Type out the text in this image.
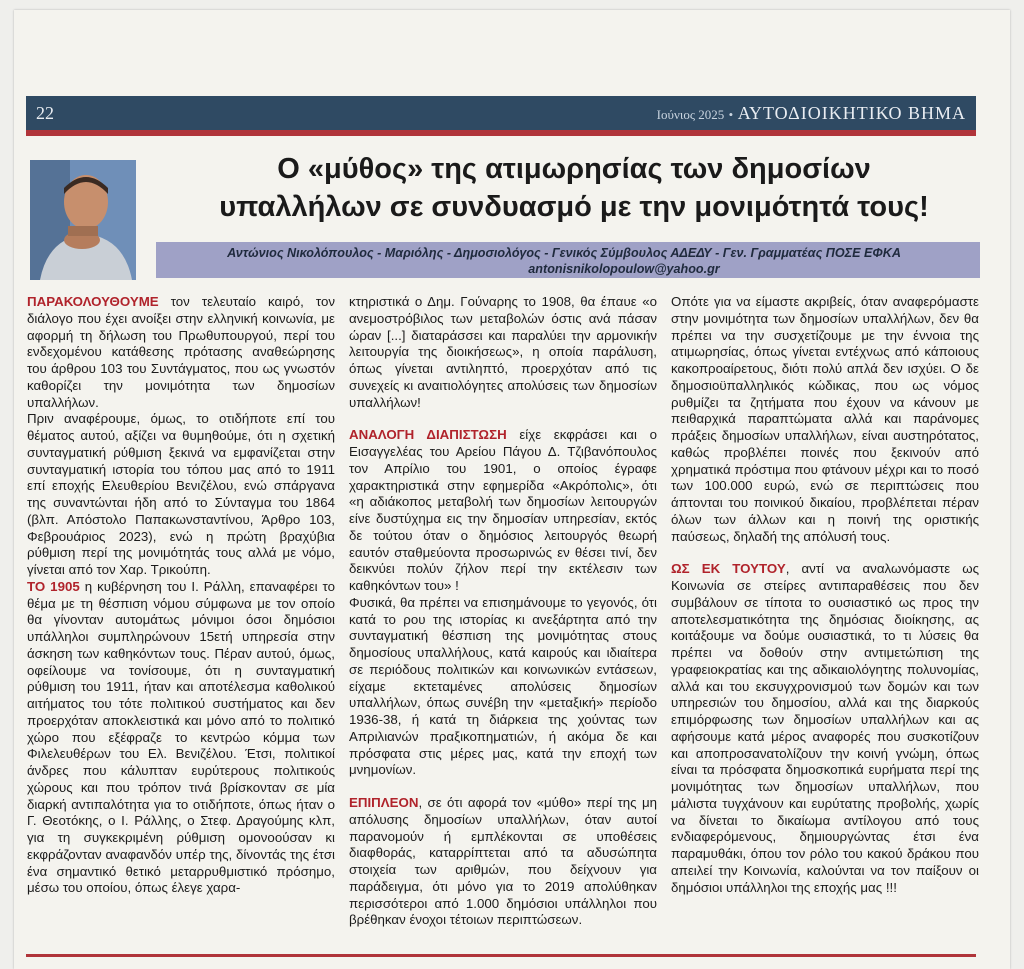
22	Ιούνιος 2025 • ΑΥΤΟΔΙΟΙΚΗΤΙΚΟ ΒΗΜΑ
Ο «μύθος» της ατιμωρησίας των δημοσίων
υπαλλήλων σε συνδυασμό με την μονιμότητά τους!
Αντώνιος Νικολόπουλος - Μαριόλης - Δημοσιολόγος - Γενικός Σύμβουλος ΑΔΕΔΥ - Γεν. Γραμματέας ΠΟΣΕ ΕΦΚΑ
antonisnikolopoulow@yahoo.gr

ΠΑΡΑΚΟΛΟΥΘΟΥΜΕ τον τελευταίο καιρό, τον διάλογο που έχει ανοίξει στην ελληνική κοινωνία, με αφορμή τη δήλωση του Πρωθυπουργού, περί του ενδεχομένου κατάθεσης πρότασης αναθεώρησης του άρθρου 103 του Συντάγματος, που ως γνωστόν καθορίζει την μονιμότητα των δημοσίων υπαλλήλων.

Πριν αναφέρουμε, όμως, το οτιδήποτε επί του θέματος αυτού, αξίζει να θυμηθούμε, ότι η σχετική συνταγματική ρύθμιση ξεκινά να εμφανίζεται στην συνταγματική ιστορία του τόπου μας από το 1911 επί εποχής Ελευθερίου Βενιζέλου, ενώ σπάργανα της συναντώνται ήδη από το Σύνταγμα του 1864 (βλπ. Απόστολο Παπακωνσταντίνου, Άρθρο 103, Φεβρουάριος 2023), ενώ η πρώτη βραχύβια ρύθμιση περί της μονιμότητάς τους αλλά με νόμο, γίνεται από τον Χαρ. Τρικούπη.

ΤΟ 1905 η κυβέρνηση του Ι. Ράλλη, επαναφέρει το θέμα με τη θέσπιση νόμου σύμφωνα με τον οποίο θα γίνονταν αυτομάτως μόνιμοι όσοι δημόσιοι υπάλληλοι συμπληρώνουν 15ετή υπηρεσία στην άσκηση των καθηκόντων τους. Πέραν αυτού, όμως, οφείλουμε να τονίσουμε, ότι η συνταγματική ρύθμιση του 1911, ήταν και αποτέλεσμα καθολικού αιτήματος του τότε πολιτικού συστήματος και δεν προερχόταν αποκλειστικά και μόνο από το πολιτικό χώρο που εξέφραζε το κεντρώο κόμμα των Φιλελευθέρων του Ελ. Βενιζέλου. Έτσι, πολιτικοί άνδρες που κάλυπταν ευρύτερους πολιτικούς χώρους και που τρόπον τινά βρίσκονταν σε μία διαρκή αντιπαλότητα για το οτιδήποτε, όπως ήταν ο Γ. Θεοτόκης, ο Ι. Ράλλης, ο Στεφ. Δραγούμης κλπ, για τη συγκεκριμένη ρύθμιση ομονοούσαν κι εκφράζονταν αναφανδόν υπέρ της, δίνοντάς της έτσι ένα σημαντικό θετικό μεταρρυθμιστικό πρόσημο, μέσω του οποίου, όπως έλεγε χαρα-

κτηριστικά ο Δημ. Γούναρης το 1908, θα έπαυε «ο ανεμοστρόβιλος των μεταβολών όστις ανά πάσαν ώραν [...] διαταράσσει και παραλύει την αρμονικήν λειτουργία της διοικήσεως», η οποία παράλυση, όπως γίνεται αντιληπτό, προερχόταν από τις συνεχείς κι αναιτιολόγητες απολύσεις των δημοσίων υπαλλήλων!

ΑΝΑΛΟΓΗ ΔΙΑΠΙΣΤΩΣΗ είχε εκφράσει και ο Εισαγγελέας του Αρείου Πάγου Δ. Τζιβανόπουλος τον Απρίλιο του 1901, ο οποίος έγραφε χαρακτηριστικά στην εφημερίδα «Ακρόπολις», ότι «η αδιάκοπος μεταβολή των δημοσίων λειτουργών είνε δυστύχημα εις την δημοσίαν υπηρεσίαν, εκτός δε τούτου όταν ο δημόσιος λειτουργός θεωρή εαυτόν σταθμεύοντα προσωρινώς εν θέσει τινί, δεν δεικνύει πολύν ζήλον περί την εκτέλεσιν των καθηκόντων του» !

Φυσικά, θα πρέπει να επισημάνουμε το γεγονός, ότι κατά το ρου της ιστορίας κι ανεξάρτητα από την συνταγματική θέσπιση της μονιμότητας στους δημοσίους υπαλλήλους, κατά καιρούς και ιδιαίτερα σε περιόδους πολιτικών και κοινωνικών εντάσεων, είχαμε εκτεταμένες απολύσεις δημοσίων υπαλλήλων, όπως συνέβη την «μεταξική» περίοδο 1936-38, ή κατά τη διάρκεια της χούντας των Απριλιανών πραξικοπηματιών, ή ακόμα δε και πρόσφατα στις μέρες μας, κατά την εποχή των μνημονίων.

ΕΠΙΠΛΕΟΝ, σε ότι αφορά τον «μύθο» περί της μη απόλυσης δημοσίων υπαλλήλων, όταν αυτοί παρανομούν ή εμπλέκονται σε υποθέσεις διαφθοράς, καταρρίπτεται από τα αδυσώπητα στοιχεία των αριθμών, που δείχνουν για παράδειγμα, ότι μόνο για το 2019 απολύθηκαν περισσότεροι από 1.000 δημόσιοι υπάλληλοι που βρέθηκαν ένοχοι τέτοιων περιπτώσεων.

Οπότε για να είμαστε ακριβείς, όταν αναφερόμαστε στην μονιμότητα των δημοσίων υπαλλήλων, δεν θα πρέπει να την συσχετίζουμε με την έννοια της ατιμωρησίας, όπως γίνεται εντέχνως από κάποιους κακοπροαίρετους, διότι πολύ απλά δεν ισχύει. Ο δε δημοσιοϋπαλληλικός κώδικας, που ως νόμος ρυθμίζει τα ζητήματα που έχουν να κάνουν με πειθαρχικά παραπτώματα αλλά και παράνομες πράξεις δημοσίων υπαλλήλων, είναι αυστηρότατος, καθώς προβλέπει ποινές που ξεκινούν από χρηματικά πρόστιμα που φτάνουν μέχρι και το ποσό των 100.000 ευρώ, ενώ σε περιπτώσεις που άπτονται του ποινικού δικαίου, προβλέπεται πέραν όλων των άλλων και η ποινή της οριστικής παύσεως, δηλαδή της απόλυσή τους.

ΩΣ ΕΚ ΤΟΥΤΟΥ, αντί να αναλωνόμαστε ως Κοινωνία σε στείρες αντιπαραθέσεις που δεν συμβάλουν σε τίποτα το ουσιαστικό ως προς την αποτελεσματικότητα της δημόσιας διοίκησης, ας κοιτάξουμε να δούμε ουσιαστικά, το τι λύσεις θα πρέπει να δοθούν στην αντιμετώπιση της γραφειοκρατίας και της αδικαιολόγητης πολυνομίας, αλλά και του εκσυγχρονισμού των δομών και των υπηρεσιών του δημοσίου, αλλά και της διαρκούς επιμόρφωσης των δημοσίων υπαλλήλων και ας αφήσουμε κατά μέρος αναφορές που συσκοτίζουν και αποπροσανατολίζουν την κοινή γνώμη, όπως είναι τα πρόσφατα δημοσκοπικά ευρήματα περί της μονιμότητας των δημοσίων υπαλλήλων, που μάλιστα τυγχάνουν και ευρύτατης προβολής, χωρίς να δίνεται το δικαίωμα αντίλογου από τους ενδιαφερόμενους, δημιουργώντας έτσι ένα παραμυθάκι, όπου τον ρόλο του κακού δράκου που απειλεί την Κοινωνία, καλούνται να τον παίξουν οι δημόσιοι υπάλληλοι της εποχής μας !!!
